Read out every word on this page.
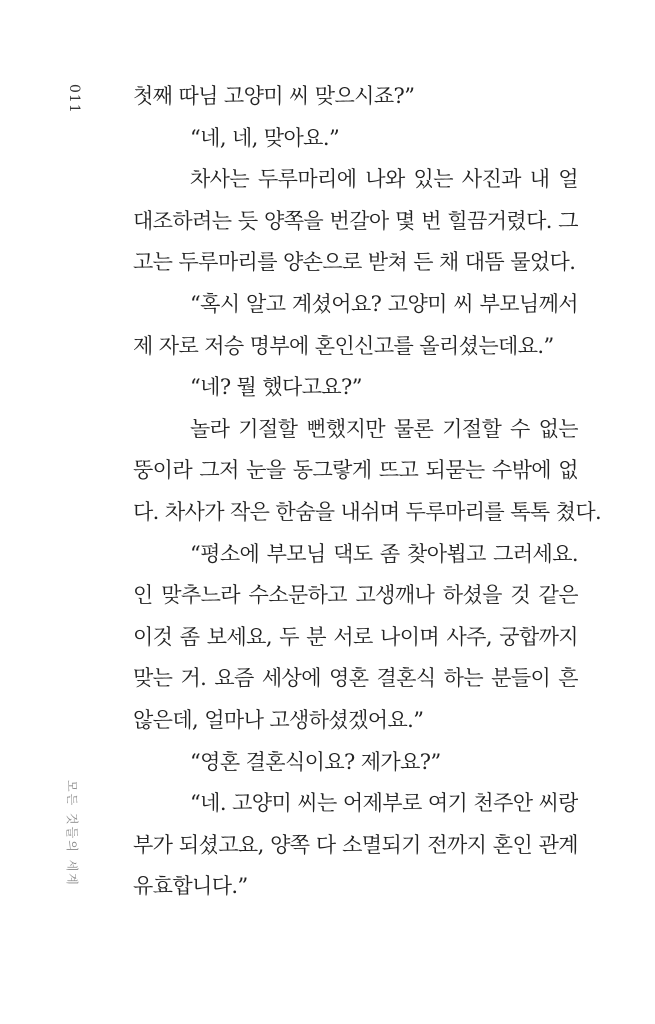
011
모든 것들의 세계
첫째 따님 고양미 씨 맞으시죠?”
“네, 네, 맞아요.”
차사는 두루마리에 나와 있는 사진과 내 얼
대조하려는 듯 양쪽을 번갈아 몇 번 힐끔거렸다. 그
고는 두루마리를 양손으로 받쳐 든 채 대뜸 물었다.
“혹시 알고 계셨어요? 고양미 씨 부모님께서
제 자로 저승 명부에 혼인신고를 올리셨는데요.”
“네? 뭘 했다고요?”
놀라 기절할 뻔했지만 물론 기절할 수 없는
뚱이라 그저 눈을 동그랗게 뜨고 되묻는 수밖에 없
다. 차사가 작은 한숨을 내쉬며 두루마리를 톡톡 쳤다.
“평소에 부모님 댁도 좀 찾아뵙고 그러세요.
인 맞추느라 수소문하고 고생깨나 하셨을 것 같은
이것 좀 보세요, 두 분 서로 나이며 사주, 궁합까지
맞는 거. 요즘 세상에 영혼 결혼식 하는 분들이 흔
않은데, 얼마나 고생하셨겠어요.”
“영혼 결혼식이요? 제가요?”
“네. 고양미 씨는 어제부로 여기 천주안 씨랑
부가 되셨고요, 양쪽 다 소멸되기 전까지 혼인 관계
유효합니다.”
